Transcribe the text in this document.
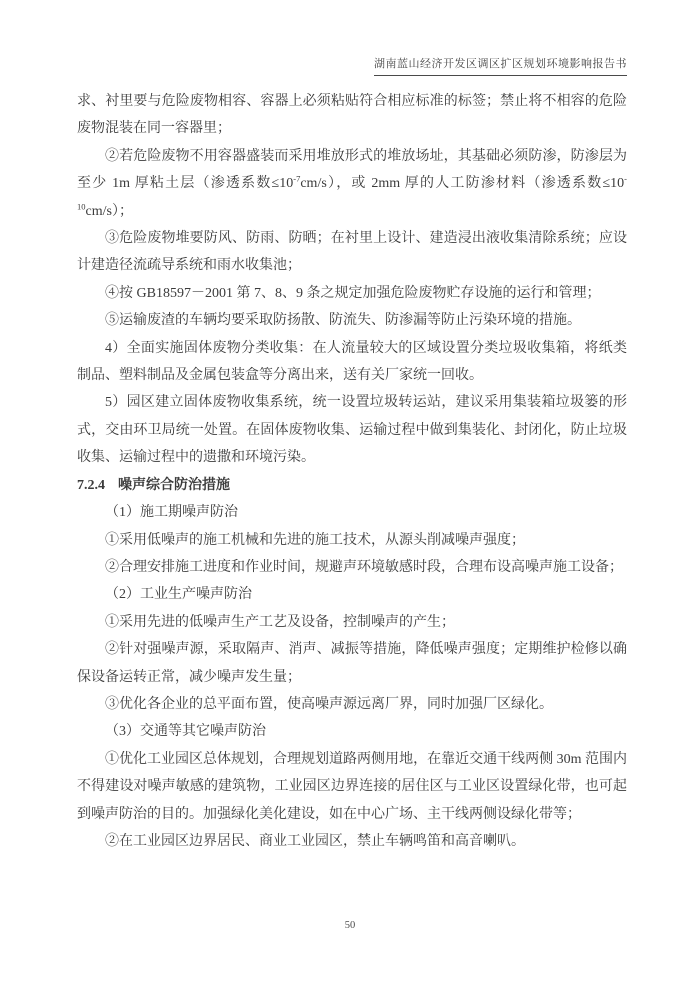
湖南蓝山经济开发区调区扩区规划环境影响报告书

求、衬里要与危险废物相容、容器上必须粘贴符合相应标准的标签；禁止将不相容的危险废物混装在同一容器里；

②若危险废物不用容器盛装而采用堆放形式的堆放场址，其基础必须防渗，防渗层为至少 1m 厚粘土层（渗透系数$\le 10^{-7}cm/s$），或 2mm 厚的人工防渗材料（渗透系数$\le 10^{-10}cm/s$）；

③危险废物堆要防风、防雨、防晒；在衬里上设计、建造浸出液收集清除系统；应设计建造径流疏导系统和雨水收集池；

④按 GB18597－2001 第 7、8、9 条之规定加强危险废物贮存设施的运行和管理；

⑤运输废渣的车辆均要采取防扬散、防流失、防渗漏等防止污染环境的措施。

4）全面实施固体废物分类收集：在人流量较大的区域设置分类垃圾收集箱，将纸类制品、塑料制品及金属包装盒等分离出来，送有关厂家统一回收。

5）园区建立固体废物收集系统，统一设置垃圾转运站，建议采用集装箱垃圾篓的形式，交由环卫局统一处置。在固体废物收集、运输过程中做到集装化、封闭化，防止垃圾收集、运输过程中的遗撒和环境污染。

7.2.4 噪声综合防治措施

（1）施工期噪声防治

①采用低噪声的施工机械和先进的施工技术，从源头削减噪声强度；

②合理安排施工进度和作业时间，规避声环境敏感时段，合理布设高噪声施工设备；

（2）工业生产噪声防治

①采用先进的低噪声生产工艺及设备，控制噪声的产生；

②针对强噪声源，采取隔声、消声、减振等措施，降低噪声强度；定期维护检修以确保设备运转正常，减少噪声发生量；

③优化各企业的总平面布置，使高噪声源远离厂界，同时加强厂区绿化。

（3）交通等其它噪声防治

①优化工业园区总体规划，合理规划道路两侧用地，在靠近交通干线两侧 30m 范围内不得建设对噪声敏感的建筑物，工业园区边界连接的居住区与工业区设置绿化带，也可起到噪声防治的目的。加强绿化美化建设，如在中心广场、主干线两侧设绿化带等；

②在工业园区边界居民、商业工业园区，禁止车辆鸣笛和高音喇叭。

50
